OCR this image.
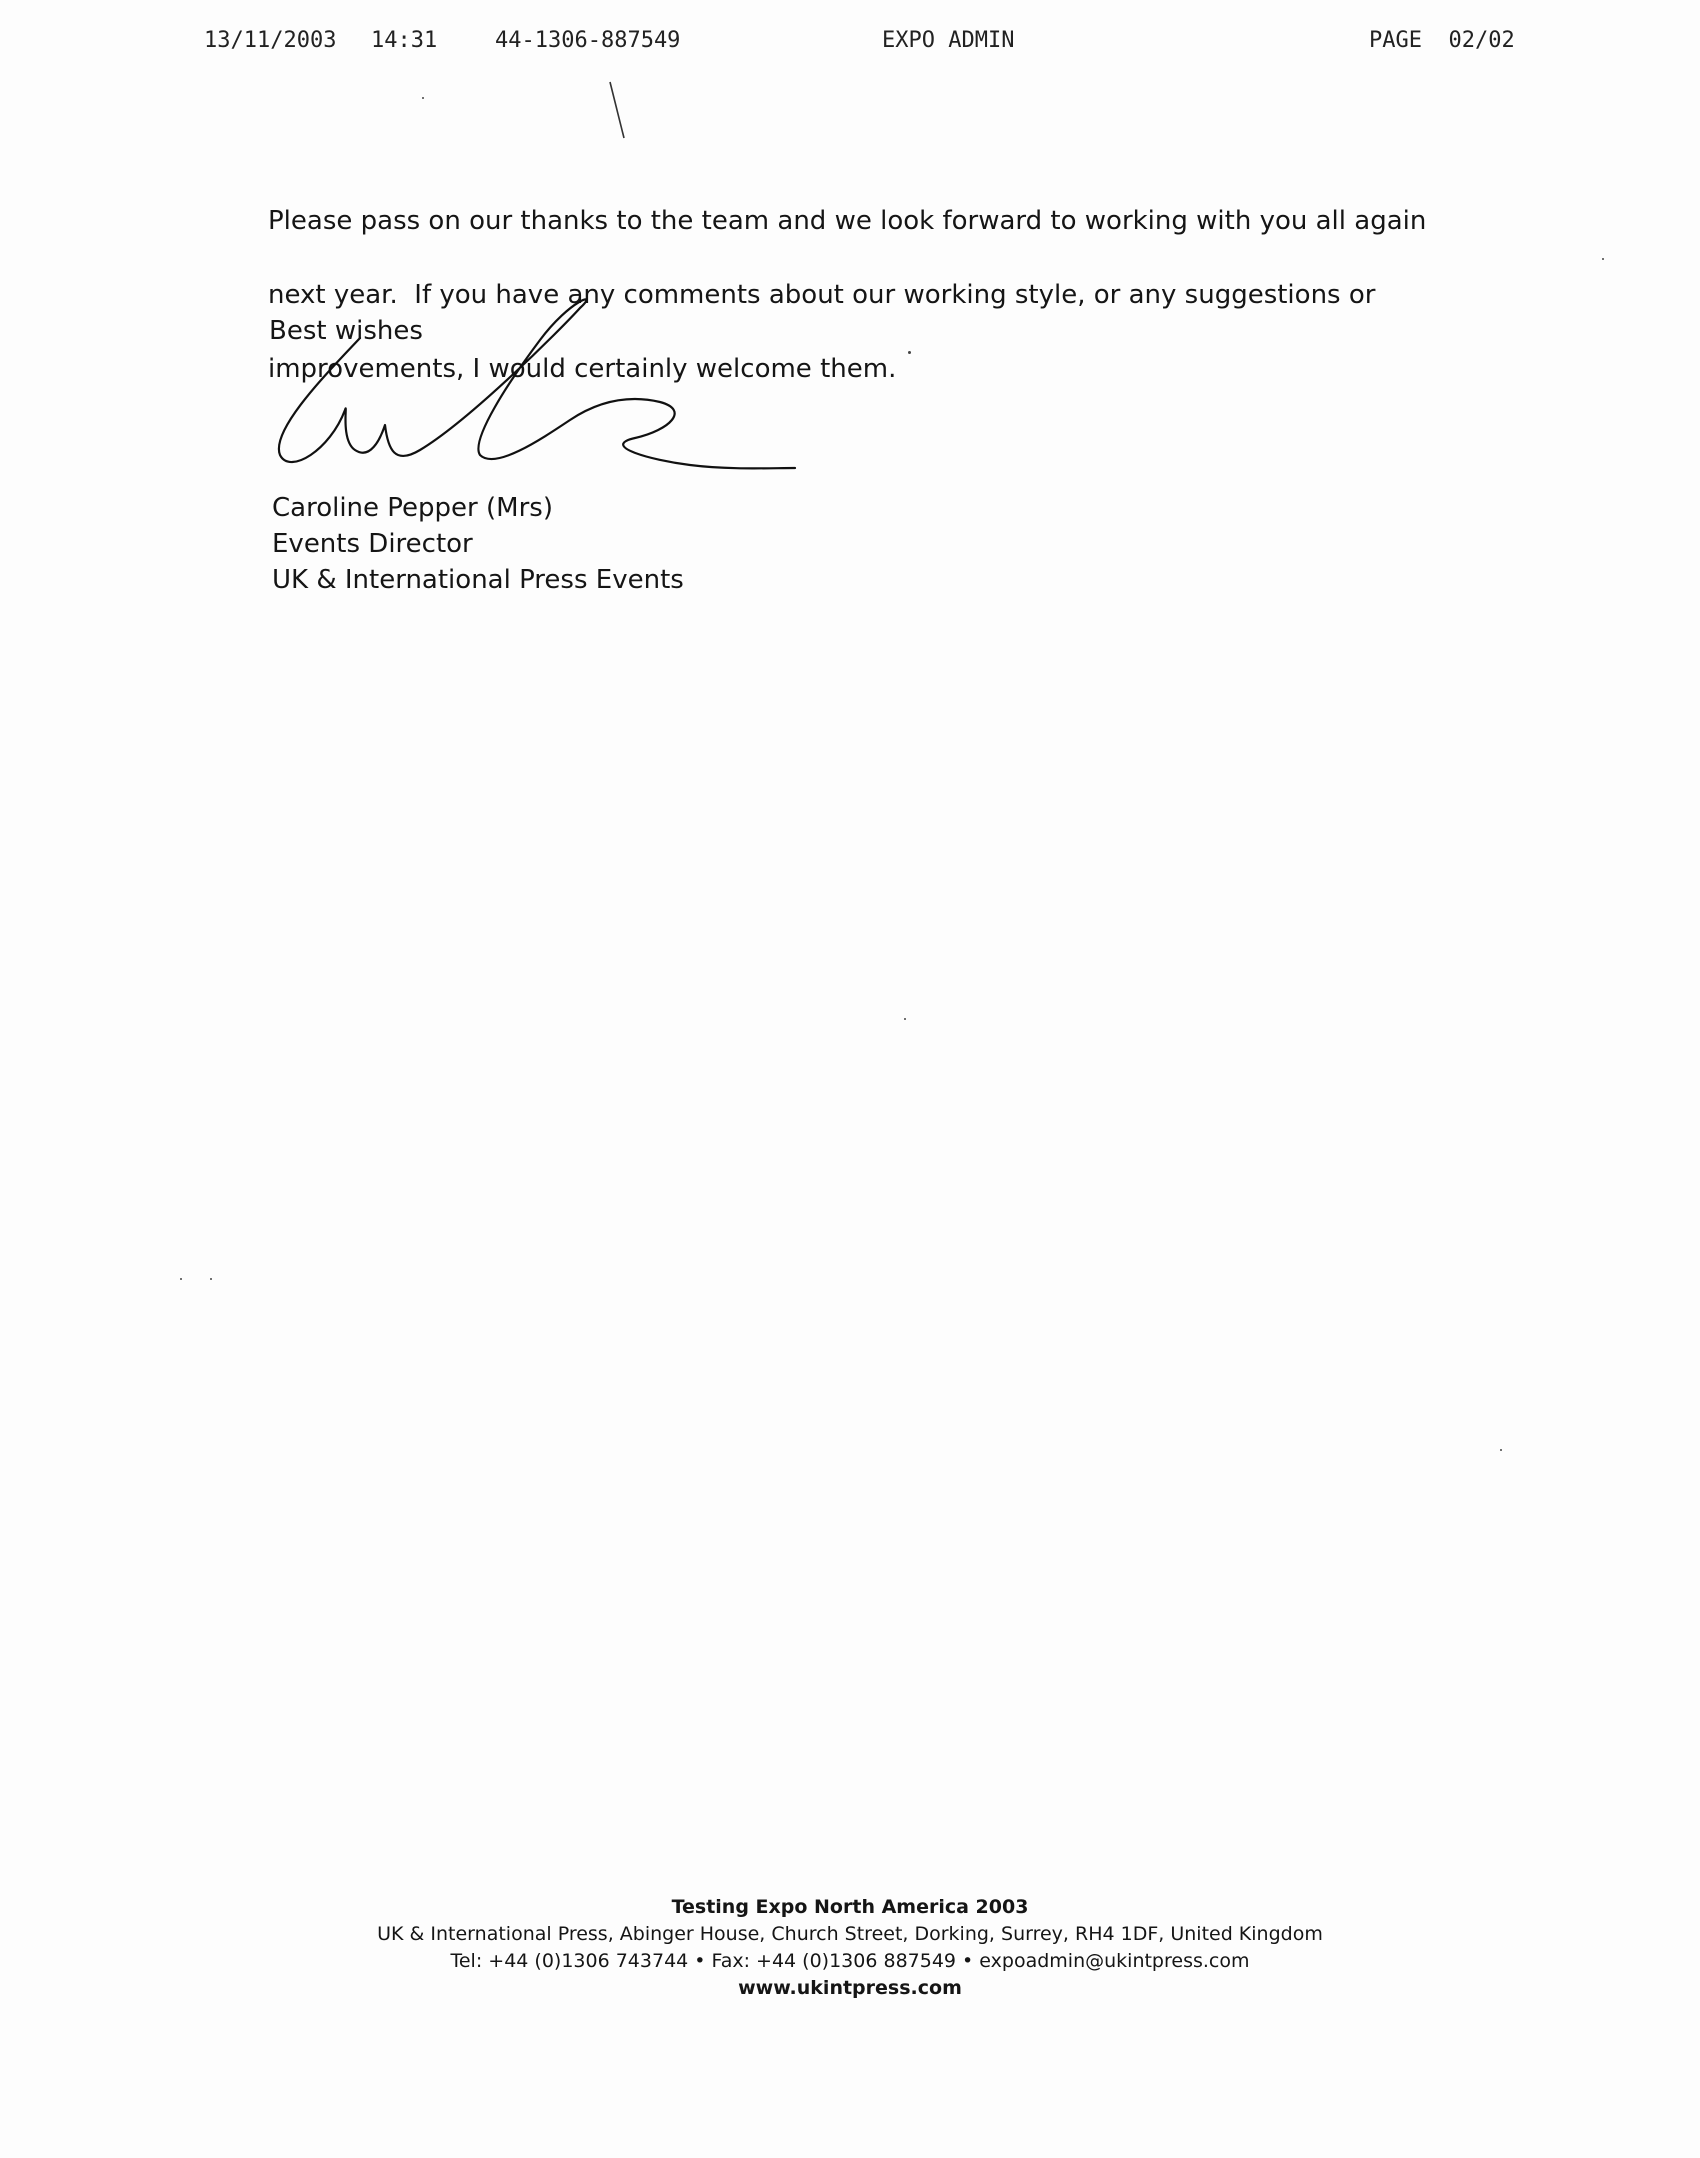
13/11/2003 14:31	44-1306-887549	EXPO ADMIN	PAGE  02/02

Please pass on our thanks to the team and we look forward to working with you all again

next year.  If you have any comments about our working style, or any suggestions or

improvements, I would certainly welcome them.

Best wishes
Caroline Pepper (Mrs)
Events Director
UK & International Press Events
Testing Expo North America 2003
UK & International Press, Abinger House, Church Street, Dorking, Surrey, RH4 1DF, United Kingdom
Tel: +44 (0)1306 743744 • Fax: +44 (0)1306 887549 • expoadmin@ukintpress.com
www.ukintpress.com
